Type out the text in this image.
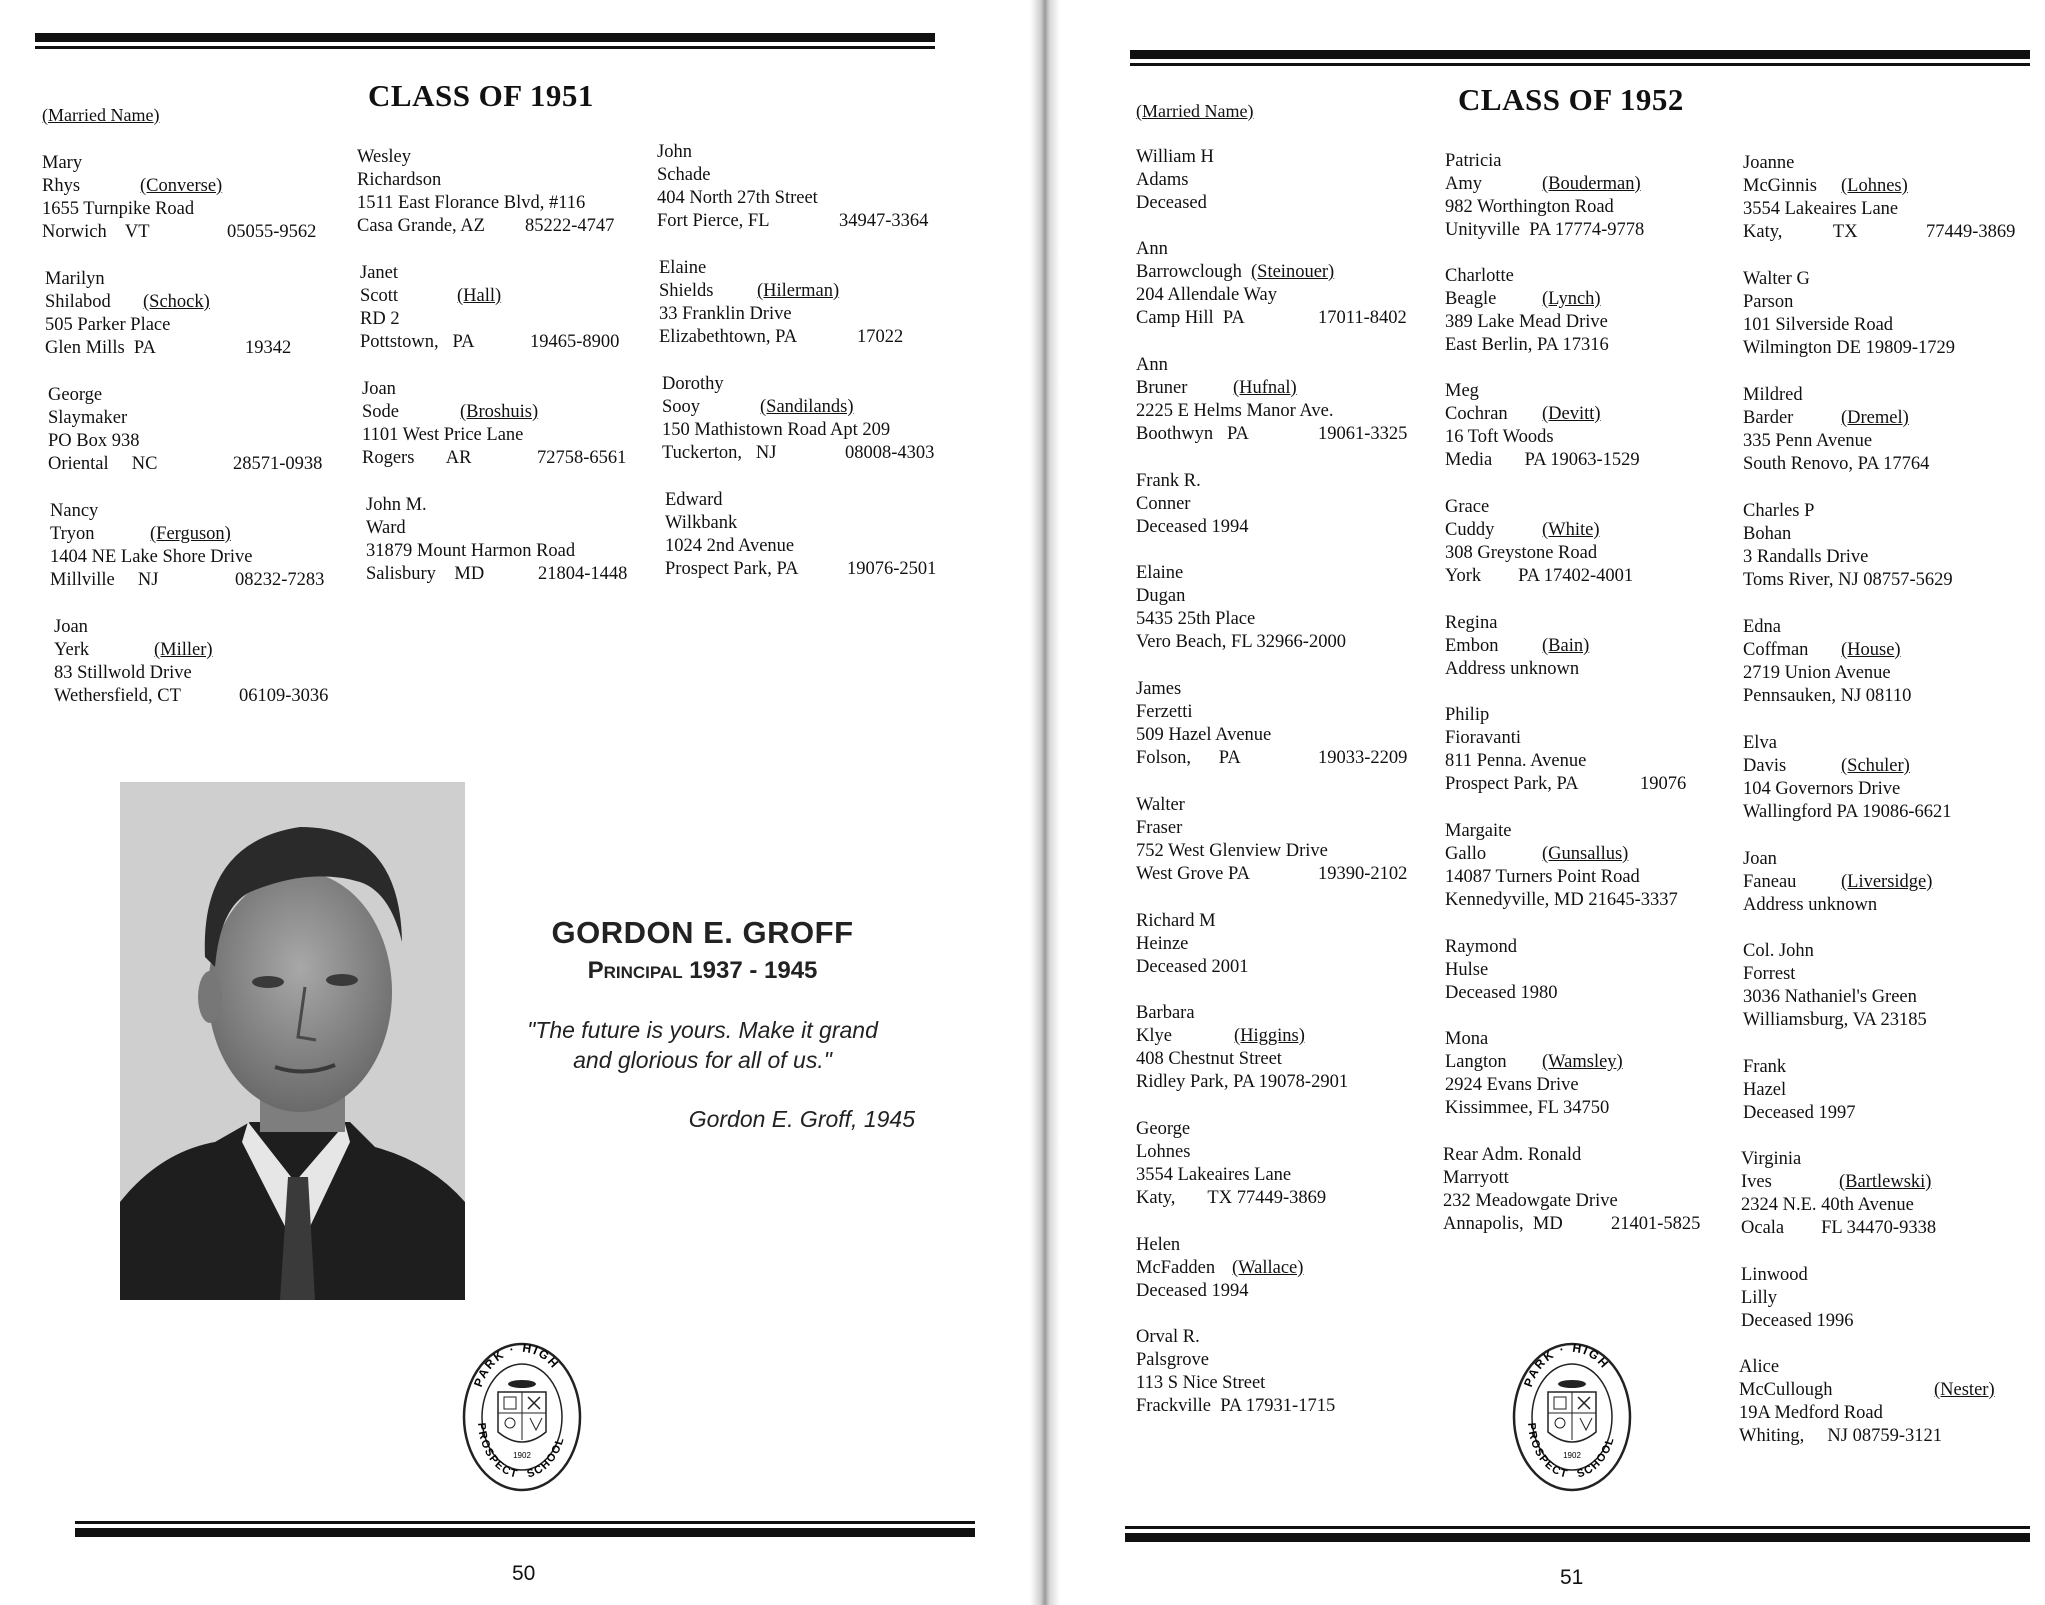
(Married Name)
CLASS OF 1951
Mary
Rhys	(Converse)
1655 Turnpike Road
Norwich    VT	05055-9562
Marilyn
Shilabod (Schock)
505 Parker Place
Glen Mills  PA	19342
George
Slaymaker
PO Box 938
Oriental     NC	28571-0938
Nancy
Tryon	(Ferguson)
1404 NE Lake Shore Drive
Millville     NJ	08232-7283
Joan
Yerk	(Miller)
83 Stillwold Drive
Wethersfield, CT	06109-3036
Wesley
Richardson
1511 East Florance Blvd, #116
Casa Grande, AZ 85222-4747
Janet
Scott	(Hall)
RD 2
Pottstown,   PA	19465-8900
Joan
Sode	(Broshuis)
1101 West Price Lane
Rogers       AR	72758-6561
John M.
Ward
31879 Mount Harmon Road
Salisbury    MD	21804-1448
John
Schade
404 North 27th Street
Fort Pierce, FL	34947-3364
Elaine
Shields (Hilerman)
33 Franklin Drive
Elizabethtown, PA	17022
Dorothy
Sooy	(Sandilands)
150 Mathistown Road Apt 209
Tuckerton,   NJ	08008-4303
Edward
Wilkbank
1024 2nd Avenue
Prospect Park, PA	19076-2501
GORDON E. GROFF
Principal 1937 - 1945
"The future is yours. Make it grand and glorious for all of us."
Gordon E. Groff, 1945
PARK · HIGH
PROSPECT SCHOOL
1902
50
(Married Name)	CLASS OF 1952
William H
Adams
Deceased
Ann
Barrowclough (Steinouer)
204 Allendale Way
Camp Hill  PA	17011-8402
Ann
Bruner (Hufnal)
2225 E Helms Manor Ave.
Boothwyn   PA	19061-3325
Frank R.
Conner
Deceased 1994
Elaine
Dugan
5435 25th Place
Vero Beach, FL 32966-2000
James
Ferzetti
509 Hazel Avenue
Folson,      PA	19033-2209
Walter
Fraser
752 West Glenview Drive
West Grove PA	19390-2102
Richard M
Heinze
Deceased 2001
Barbara
Klye	(Higgins)
408 Chestnut Street
Ridley Park, PA 19078-2901
George
Lohnes
3554 Lakeaires Lane
Katy,       TX 77449-3869
Helen
McFadden (Wallace)
Deceased 1994
Orval R.
Palsgrove
113 S Nice Street
Frackville  PA 17931-1715
Patricia
Amy	(Bouderman)
982 Worthington Road
Unityville  PA 17774-9778
Charlotte
Beagle (Lynch)
389 Lake Mead Drive
East Berlin, PA 17316
Meg
Cochran (Devitt)
16 Toft Woods
Media       PA 19063-1529
Grace
Cuddy	(White)
308 Greystone Road
York        PA 17402-4001
Regina
Embon (Bain)
Address unknown
Philip
Fioravanti
811 Penna. Avenue
Prospect Park, PA	19076
Margaite
Gallo	(Gunsallus)
14087 Turners Point Road
Kennedyville, MD 21645-3337
Raymond
Hulse
Deceased 1980
Mona
Langton (Wamsley)
2924 Evans Drive
Kissimmee, FL 34750
Rear Adm. Ronald
Marryott
232 Meadowgate Drive
Annapolis,  MD	21401-5825
Joanne
McGinnis (Lohnes)
3554 Lakeaires Lane
Katy,           TX	77449-3869
Walter G
Parson
101 Silverside Road
Wilmington DE 19809-1729
Mildred
Barder	(Dremel)
335 Penn Avenue
South Renovo, PA 17764
Charles P
Bohan
3 Randalls Drive
Toms River, NJ 08757-5629
Edna
Coffman (House)
2719 Union Avenue
Pennsauken, NJ 08110
Elva
Davis	(Schuler)
104 Governors Drive
Wallingford PA 19086-6621
Joan
Faneau (Liversidge)
Address unknown
Col. John
Forrest
3036 Nathaniel's Green
Williamsburg, VA 23185
Frank
Hazel
Deceased 1997
Virginia
Ives	(Bartlewski)
2324 N.E. 40th Avenue
Ocala        FL 34470-9338
Linwood
Lilly
Deceased 1996
Alice
McCullough	(Nester)
19A Medford Road
Whiting,     NJ 08759-3121
PARK · HIGH
PROSPECT SCHOOL
1902
51
